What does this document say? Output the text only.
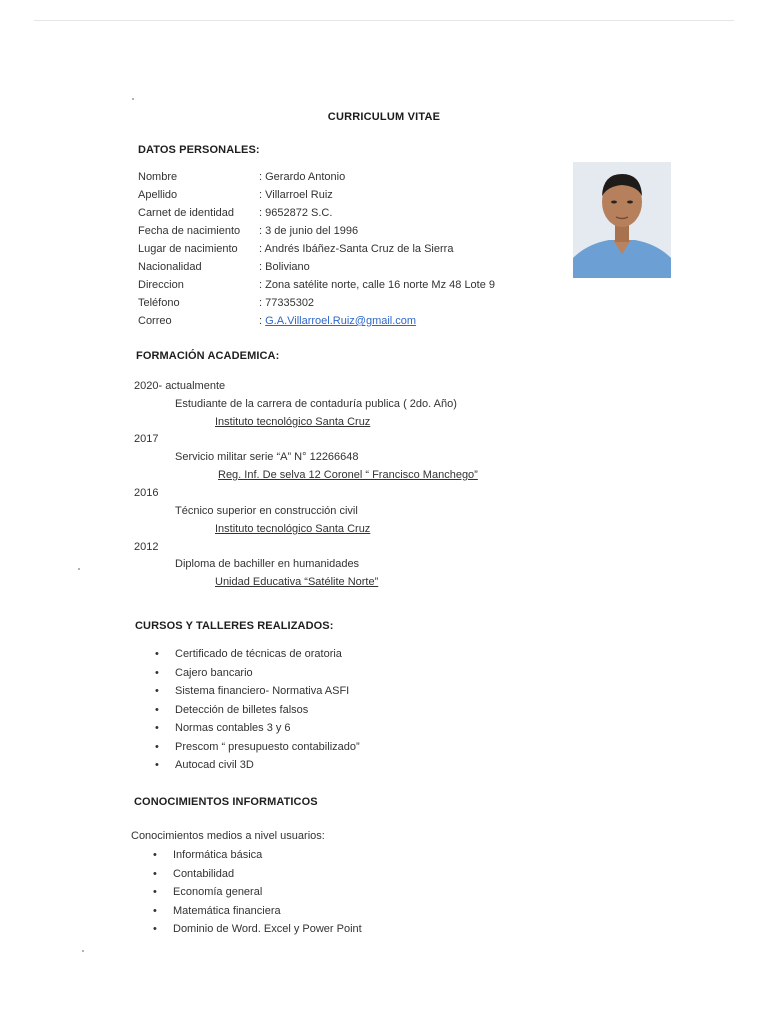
CURRICULUM VITAE
DATOS PERSONALES:
Nombre	: Gerardo Antonio
Apellido	: Villarroel Ruiz
Carnet de identidad : 9652872 S.C.
Fecha de nacimiento : 3 de junio del 1996
Lugar de nacimiento : Andrés Ibáñez-Santa Cruz de la Sierra
Nacionalidad	: Boliviano
Direccion	: Zona satélite norte, calle 16 norte Mz 48 Lote 9
Teléfono	: 77335302
Correo	: G.A.Villarroel.Ruiz@gmail.com
FORMACIÓN ACADEMICA:
2020- actualmente
Estudiante de la carrera de contaduría publica ( 2do. Año)
Instituto tecnológico Santa Cruz
2017
Servicio militar serie “A” N° 12266648
Reg. Inf. De selva 12 Coronel “ Francisco Manchego”
2016
Técnico superior en construcción civil
Instituto tecnológico Santa Cruz
2012
Diploma de bachiller en humanidades
Unidad Educativa “Satélite Norte”
CURSOS Y TALLERES REALIZADOS:
• Certificado de técnicas de oratoria
• Cajero bancario
• Sistema financiero- Normativa ASFI
• Detección de billetes falsos
• Normas contables 3 y 6
• Prescom “ presupuesto contabilizado”
• Autocad civil 3D
CONOCIMIENTOS INFORMATICOS
Conocimientos medios a nivel usuarios:
• Informática básica
• Contabilidad
• Economía general
• Matemática financiera
• Dominio de Word. Excel y Power Point
